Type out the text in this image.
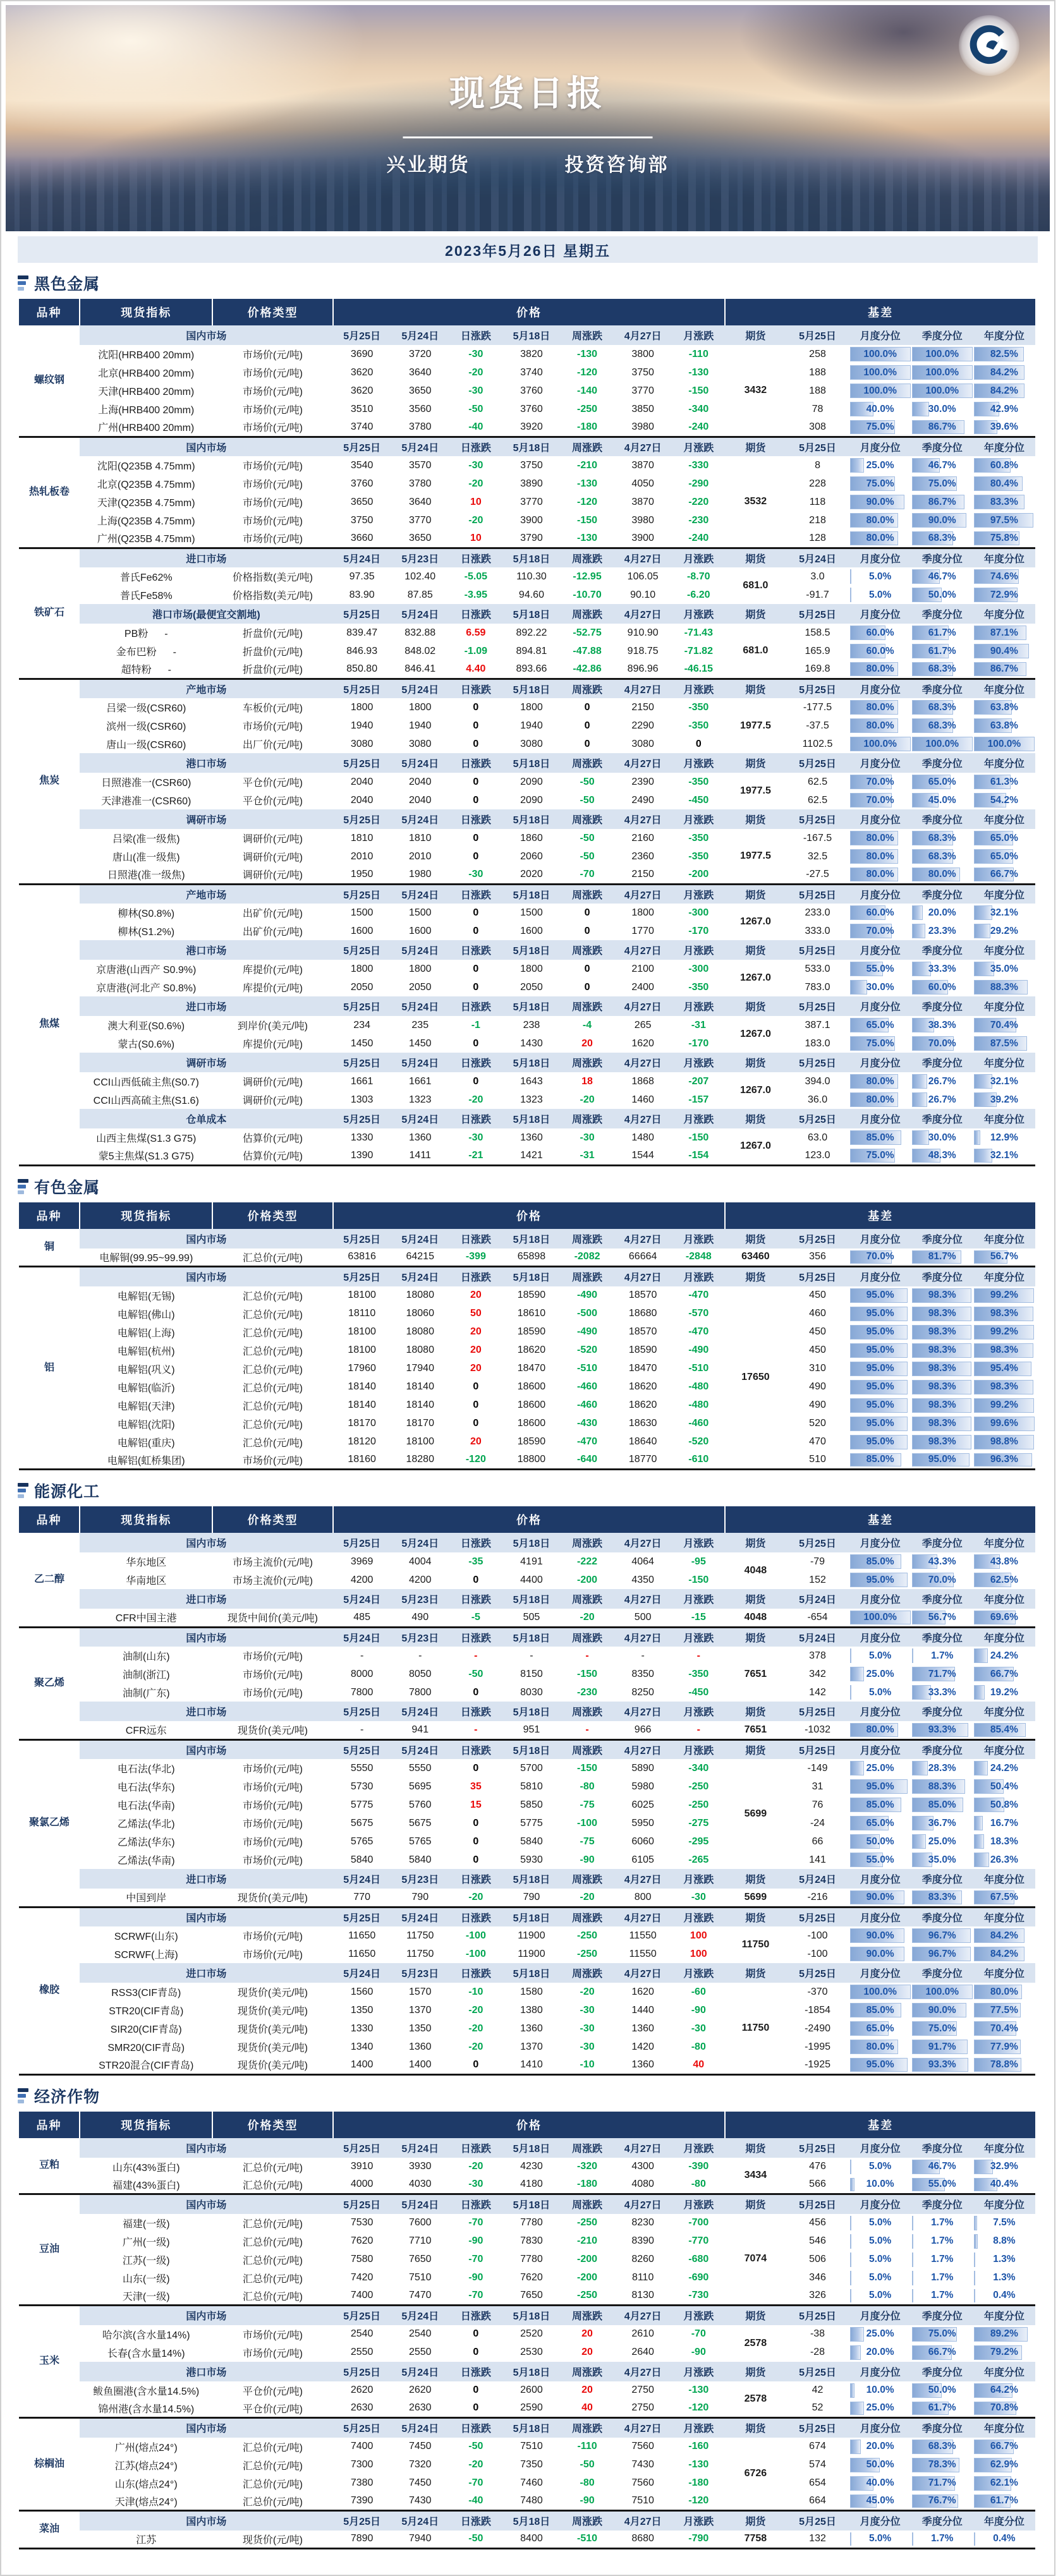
现货日报
兴业期货	投资咨询部
2023年5月26日 星期五
黑色金属
品种	现货指标	价格类型	价格							基差				
螺纹钢	国内市场		5月25日	5月24日	日涨跌	5月18日	周涨跌	4月27日	月涨跌	期货	5月25日	月度分位	季度分位	年度分位
	沈阳(HRB400 20mm)	市场价(元/吨)	3690	3720	-30	3820	-130	3800	-110	3432	258	100.0%	100.0%	82.5%
	北京(HRB400 20mm)	市场价(元/吨)	3620	3640	-20	3740	-120	3750	-130		188	100.0%	100.0%	84.2%
	天津(HRB400 20mm)	市场价(元/吨)	3620	3650	-30	3760	-140	3770	-150		188	100.0%	100.0%	84.2%
	上海(HRB400 20mm)	市场价(元/吨)	3510	3560	-50	3760	-250	3850	-340		78	40.0%	30.0%	42.9%
	广州(HRB400 20mm)	市场价(元/吨)	3740	3780	-40	3920	-180	3980	-240		308	75.0%	86.7%	39.6%
热轧板卷	国内市场		5月25日	5月24日	日涨跌	5月18日	周涨跌	4月27日	月涨跌	期货	5月25日	月度分位	季度分位	年度分位
	沈阳(Q235B 4.75mm)	市场价(元/吨)	3540	3570	-30	3750	-210	3870	-330	3532	8	25.0%	46.7%	60.8%
	北京(Q235B 4.75mm)	市场价(元/吨)	3760	3780	-20	3890	-130	4050	-290		228	75.0%	75.0%	80.4%
	天津(Q235B 4.75mm)	市场价(元/吨)	3650	3640	10	3770	-120	3870	-220		118	90.0%	86.7%	83.3%
	上海(Q235B 4.75mm)	市场价(元/吨)	3750	3770	-20	3900	-150	3980	-230		218	80.0%	90.0%	97.5%
	广州(Q235B 4.75mm)	市场价(元/吨)	3660	3650	10	3790	-130	3900	-240		128	80.0%	68.3%	75.8%
铁矿石	进口市场		5月24日	5月23日	日涨跌	5月18日	周涨跌	4月27日	月涨跌	期货	5月24日	月度分位	季度分位	年度分位
	普氏Fe62%	价格指数(美元/吨)	97.35	102.40	-5.05	110.30	-12.95	106.05	-8.70	681.0	3.0	5.0%	46.7%	74.6%
	普氏Fe58%	价格指数(美元/吨)	83.90	87.85	-3.95	94.60	-10.70	90.10	-6.20		-91.7	5.0%	50.0%	72.9%
	港口市场(最便宜交割地)		5月25日	5月24日	日涨跌	5月18日	周涨跌	4月27日	月涨跌	期货	5月25日	月度分位	季度分位	年度分位
	PB粉 -	折盘价(元/吨)	839.47	832.88	6.59	892.22	-52.75	910.90	-71.43	681.0	158.5	60.0%	61.7%	87.1%
	金布巴粉 -	折盘价(元/吨)	846.93	848.02	-1.09	894.81	-47.88	918.75	-71.82		165.9	60.0%	61.7%	90.4%
	超特粉 -	折盘价(元/吨)	850.80	846.41	4.40	893.66	-42.86	896.96	-46.15		169.8	80.0%	68.3%	86.7%
焦炭	产地市场		5月25日	5月24日	日涨跌	5月18日	周涨跌	4月27日	月涨跌	期货	5月25日	月度分位	季度分位	年度分位
	吕梁一级(CSR60)	车板价(元/吨)	1800	1800	0	1800	0	2150	-350	1977.5	-177.5	80.0%	68.3%	63.8%
	滨州一级(CSR60)	市场价(元/吨)	1940	1940	0	1940	0	2290	-350		-37.5	80.0%	68.3%	63.8%
	唐山一级(CSR60)	出厂价(元/吨)	3080	3080	0	3080	0	3080	0		1102.5	100.0%	100.0%	100.0%
	港口市场		5月25日	5月24日	日涨跌	5月18日	周涨跌	4月27日	月涨跌	期货	5月25日	月度分位	季度分位	年度分位
	日照港准一(CSR60)	平仓价(元/吨)	2040	2040	0	2090	-50	2390	-350	1977.5	62.5	70.0%	65.0%	61.3%
	天津港准一(CSR60)	平仓价(元/吨)	2040	2040	0	2090	-50	2490	-450		62.5	70.0%	45.0%	54.2%
	调研市场		5月25日	5月24日	日涨跌	5月18日	周涨跌	4月27日	月涨跌	期货	5月25日	月度分位	季度分位	年度分位
	吕梁(准一级焦)	调研价(元/吨)	1810	1810	0	1860	-50	2160	-350	1977.5	-167.5	80.0%	68.3%	65.0%
	唐山(准一级焦)	调研价(元/吨)	2010	2010	0	2060	-50	2360	-350		32.5	80.0%	68.3%	65.0%
	日照港(准一级焦)	调研价(元/吨)	1950	1980	-30	2020	-70	2150	-200		-27.5	80.0%	80.0%	66.7%
焦煤	产地市场		5月25日	5月24日	日涨跌	5月18日	周涨跌	4月27日	月涨跌	期货	5月25日	月度分位	季度分位	年度分位
	柳林(S0.8%)	出矿价(元/吨)	1500	1500	0	1500	0	1800	-300	1267.0	233.0	60.0%	20.0%	32.1%
	柳林(S1.2%)	出矿价(元/吨)	1600	1600	0	1600	0	1770	-170		333.0	70.0%	23.3%	29.2%
	港口市场		5月25日	5月24日	日涨跌	5月18日	周涨跌	4月27日	月涨跌	期货	5月25日	月度分位	季度分位	年度分位
	京唐港(山西产 S0.9%)	库提价(元/吨)	1800	1800	0	1800	0	2100	-300	1267.0	533.0	55.0%	33.3%	35.0%
	京唐港(河北产 S0.8%)	库提价(元/吨)	2050	2050	0	2050	0	2400	-350		783.0	30.0%	60.0%	88.3%
	进口市场		5月25日	5月24日	日涨跌	5月18日	周涨跌	4月27日	月涨跌	期货	5月25日	月度分位	季度分位	年度分位
	澳大利亚(S0.6%)	到岸价(美元/吨)	234	235	-1	238	-4	265	-31	1267.0	387.1	65.0%	38.3%	70.4%
	蒙古(S0.6%)	库提价(元/吨)	1450	1450	0	1430	20	1620	-170		183.0	75.0%	70.0%	87.5%
	调研市场		5月25日	5月24日	日涨跌	5月18日	周涨跌	4月27日	月涨跌	期货	5月25日	月度分位	季度分位	年度分位
	CCI山西低硫主焦(S0.7)	调研价(元/吨)	1661	1661	0	1643	18	1868	-207	1267.0	394.0	80.0%	26.7%	32.1%
	CCI山西高硫主焦(S1.6)	调研价(元/吨)	1303	1323	-20	1323	-20	1460	-157		36.0	80.0%	26.7%	39.2%
	仓单成本		5月25日	5月24日	日涨跌	5月18日	周涨跌	4月27日	月涨跌	期货	5月25日	月度分位	季度分位	年度分位
	山西主焦煤(S1.3 G75)	估算价(元/吨)	1330	1360	-30	1360	-30	1480	-150	1267.0	63.0	85.0%	30.0%	12.9%
	蒙5主焦煤(S1.3 G75)	估算价(元/吨)	1390	1411	-21	1421	-31	1544	-154		123.0	75.0%	48.3%	32.1%
有色金属
品种	现货指标	价格类型	价格							基差				
铜	国内市场		5月25日	5月24日	日涨跌	5月18日	周涨跌	4月27日	月涨跌	期货	5月25日	月度分位	季度分位	年度分位
	电解铜(99.95~99.99)	汇总价(元/吨)	63816	64215	-399	65898	-2082	66664	-2848	63460	356	70.0%	81.7%	56.7%
铝	国内市场		5月25日	5月24日	日涨跌	5月18日	周涨跌	4月27日	月涨跌	期货	5月25日	月度分位	季度分位	年度分位
	电解铝(无锡)	汇总价(元/吨)	18100	18080	20	18590	-490	18570	-470	17650	450	95.0%	98.3%	99.2%
	电解铝(佛山)	汇总价(元/吨)	18110	18060	50	18610	-500	18680	-570		460	95.0%	98.3%	98.3%
	电解铝(上海)	汇总价(元/吨)	18100	18080	20	18590	-490	18570	-470		450	95.0%	98.3%	99.2%
	电解铝(杭州)	汇总价(元/吨)	18100	18080	20	18620	-520	18590	-490		450	95.0%	98.3%	98.3%
	电解铝(巩义)	汇总价(元/吨)	17960	17940	20	18470	-510	18470	-510		310	95.0%	98.3%	95.4%
	电解铝(临沂)	汇总价(元/吨)	18140	18140	0	18600	-460	18620	-480		490	95.0%	98.3%	98.3%
	电解铝(天津)	汇总价(元/吨)	18140	18140	0	18600	-460	18620	-480		490	95.0%	98.3%	99.2%
	电解铝(沈阳)	汇总价(元/吨)	18170	18170	0	18600	-430	18630	-460		520	95.0%	98.3%	99.6%
	电解铝(重庆)	汇总价(元/吨)	18120	18100	20	18590	-470	18640	-520		470	95.0%	98.3%	98.8%
	电解铝(虹桥集团)	市场价(元/吨)	18160	18280	-120	18800	-640	18770	-610		510	85.0%	95.0%	96.3%
能源化工
品种	现货指标	价格类型	价格							基差				
乙二醇	国内市场		5月25日	5月24日	日涨跌	5月18日	周涨跌	4月27日	月涨跌	期货	5月25日	月度分位	季度分位	年度分位
	华东地区	市场主流价(元/吨)	3969	4004	-35	4191	-222	4064	-95	4048	-79	85.0%	43.3%	43.8%
	华南地区	市场主流价(元/吨)	4200	4200	0	4400	-200	4350	-150		152	95.0%	70.0%	62.5%
	进口市场		5月24日	5月23日	日涨跌	5月18日	周涨跌	4月27日	月涨跌	期货	5月24日	月度分位	季度分位	年度分位
	CFR中国主港	现货中间价(美元/吨)	485	490	-5	505	-20	500	-15	4048	-654	100.0%	56.7%	69.6%
聚乙烯	国内市场		5月24日	5月23日	日涨跌	5月18日	周涨跌	4月27日	月涨跌	期货	5月24日	月度分位	季度分位	年度分位
	油制(山东)	市场价(元/吨)	-	-	-	-	-	-	-	7651	378	5.0%	1.7%	24.2%
	油制(浙江)	市场价(元/吨)	8000	8050	-50	8150	-150	8350	-350		342	25.0%	71.7%	66.7%
	油制(广东)	市场价(元/吨)	7800	7800	0	8030	-230	8250	-450		142	5.0%	33.3%	19.2%
	进口市场		5月25日	5月24日	日涨跌	5月18日	周涨跌	4月27日	月涨跌	期货	5月25日	月度分位	季度分位	年度分位
	CFR远东	现货价(美元/吨)	-	941	-	951	-	966	-	7651	-1032	80.0%	93.3%	85.4%
聚氯乙烯	国内市场		5月25日	5月24日	日涨跌	5月18日	周涨跌	4月27日	月涨跌	期货	5月25日	月度分位	季度分位	年度分位
	电石法(华北)	市场价(元/吨)	5550	5550	0	5700	-150	5890	-340	5699	-149	25.0%	28.3%	24.2%
	电石法(华东)	市场价(元/吨)	5730	5695	35	5810	-80	5980	-250		31	95.0%	88.3%	50.4%
	电石法(华南)	市场价(元/吨)	5775	5760	15	5850	-75	6025	-250		76	85.0%	85.0%	50.8%
	乙烯法(华北)	市场价(元/吨)	5675	5675	0	5775	-100	5950	-275		-24	65.0%	36.7%	16.7%
	乙烯法(华东)	市场价(元/吨)	5765	5765	0	5840	-75	6060	-295		66	50.0%	25.0%	18.3%
	乙烯法(华南)	市场价(元/吨)	5840	5840	0	5930	-90	6105	-265		141	55.0%	35.0%	26.3%
	进口市场		5月24日	5月23日	日涨跌	5月18日	周涨跌	4月27日	月涨跌	期货	5月24日	月度分位	季度分位	年度分位
	中国到岸	现货价(美元/吨)	770	790	-20	790	-20	800	-30	5699	-216	90.0%	83.3%	67.5%
橡胶	国内市场		5月25日	5月24日	日涨跌	5月18日	周涨跌	4月27日	月涨跌	期货	5月25日	月度分位	季度分位	年度分位
	SCRWF(山东)	市场价(元/吨)	11650	11750	-100	11900	-250	11550	100	11750	-100	90.0%	96.7%	84.2%
	SCRWF(上海)	市场价(元/吨)	11650	11750	-100	11900	-250	11550	100		-100	90.0%	96.7%	84.2%
	进口市场		5月24日	5月23日	日涨跌	5月18日	周涨跌	4月27日	月涨跌	期货	5月25日	月度分位	季度分位	年度分位
	RSS3(CIF青岛)	现货价(美元/吨)	1560	1570	-10	1580	-20	1620	-60	11750	-370	100.0%	100.0%	80.0%
	STR20(CIF青岛)	现货价(美元/吨)	1350	1370	-20	1380	-30	1440	-90		-1854	85.0%	90.0%	77.5%
	SIR20(CIF青岛)	现货价(美元/吨)	1330	1350	-20	1360	-30	1360	-30		-2490	65.0%	75.0%	70.4%
	SMR20(CIF青岛)	现货价(美元/吨)	1340	1360	-20	1370	-30	1420	-80		-1995	80.0%	91.7%	77.9%
	STR20混合(CIF青岛)	现货价(美元/吨)	1400	1400	0	1410	-10	1360	40		-1925	95.0%	93.3%	78.8%
经济作物
品种	现货指标	价格类型	价格							基差				
豆粕	国内市场		5月25日	5月24日	日涨跌	5月18日	周涨跌	4月27日	月涨跌	期货	5月25日	月度分位	季度分位	年度分位
	山东(43%蛋白)	汇总价(元/吨)	3910	3930	-20	4230	-320	4300	-390	3434	476	5.0%	46.7%	32.9%
	福建(43%蛋白)	汇总价(元/吨)	4000	4030	-30	4180	-180	4080	-80		566	10.0%	55.0%	40.4%
豆油	国内市场		5月25日	5月24日	日涨跌	5月18日	周涨跌	4月27日	月涨跌	期货	5月25日	月度分位	季度分位	年度分位
	福建(一级)	汇总价(元/吨)	7530	7600	-70	7780	-250	8230	-700	7074	456	5.0%	1.7%	7.5%
	广州(一级)	汇总价(元/吨)	7620	7710	-90	7830	-210	8390	-770		546	5.0%	1.7%	8.8%
	江苏(一级)	汇总价(元/吨)	7580	7650	-70	7780	-200	8260	-680		506	5.0%	1.7%	1.3%
	山东(一级)	汇总价(元/吨)	7420	7510	-90	7620	-200	8110	-690		346	5.0%	1.7%	1.3%
	天津(一级)	汇总价(元/吨)	7400	7470	-70	7650	-250	8130	-730		326	5.0%	1.7%	0.4%
玉米	国内市场		5月25日	5月24日	日涨跌	5月18日	周涨跌	4月27日	月涨跌	期货	5月25日	月度分位	季度分位	年度分位
	哈尔滨(含水量14%)	市场价(元/吨)	2540	2540	0	2520	20	2610	-70	2578	-38	25.0%	75.0%	89.2%
	长春(含水量14%)	市场价(元/吨)	2550	2550	0	2530	20	2640	-90		-28	20.0%	66.7%	79.2%
	港口市场		5月25日	5月24日	日涨跌	5月18日	周涨跌	4月27日	月涨跌	期货	5月25日	月度分位	季度分位	年度分位
	鲅鱼圈港(含水量14.5%)	平仓价(元/吨)	2620	2620	0	2600	20	2750	-130	2578	42	10.0%	50.0%	64.2%
	锦州港(含水量14.5%)	平仓价(元/吨)	2630	2630	0	2590	40	2750	-120		52	25.0%	61.7%	70.8%
棕榈油	国内市场		5月25日	5月24日	日涨跌	5月18日	周涨跌	4月27日	月涨跌	期货	5月25日	月度分位	季度分位	年度分位
	广州(熔点24°)	汇总价(元/吨)	7400	7450	-50	7510	-110	7560	-160	6726	674	20.0%	68.3%	66.7%
	江苏(熔点24°)	汇总价(元/吨)	7300	7320	-20	7350	-50	7430	-130		574	50.0%	78.3%	62.9%
	山东(熔点24°)	汇总价(元/吨)	7380	7450	-70	7460	-80	7560	-180		654	40.0%	71.7%	62.1%
	天津(熔点24°)	汇总价(元/吨)	7390	7430	-40	7480	-90	7510	-120		664	45.0%	76.7%	61.7%
菜油	国内市场		5月25日	5月24日	日涨跌	5月18日	周涨跌	4月27日	月涨跌	期货	5月25日	月度分位	季度分位	年度分位
	江苏	现货价(元/吨)	7890	7940	-50	8400	-510	8680	-790	7758	132	5.0%	1.7%	0.4%
